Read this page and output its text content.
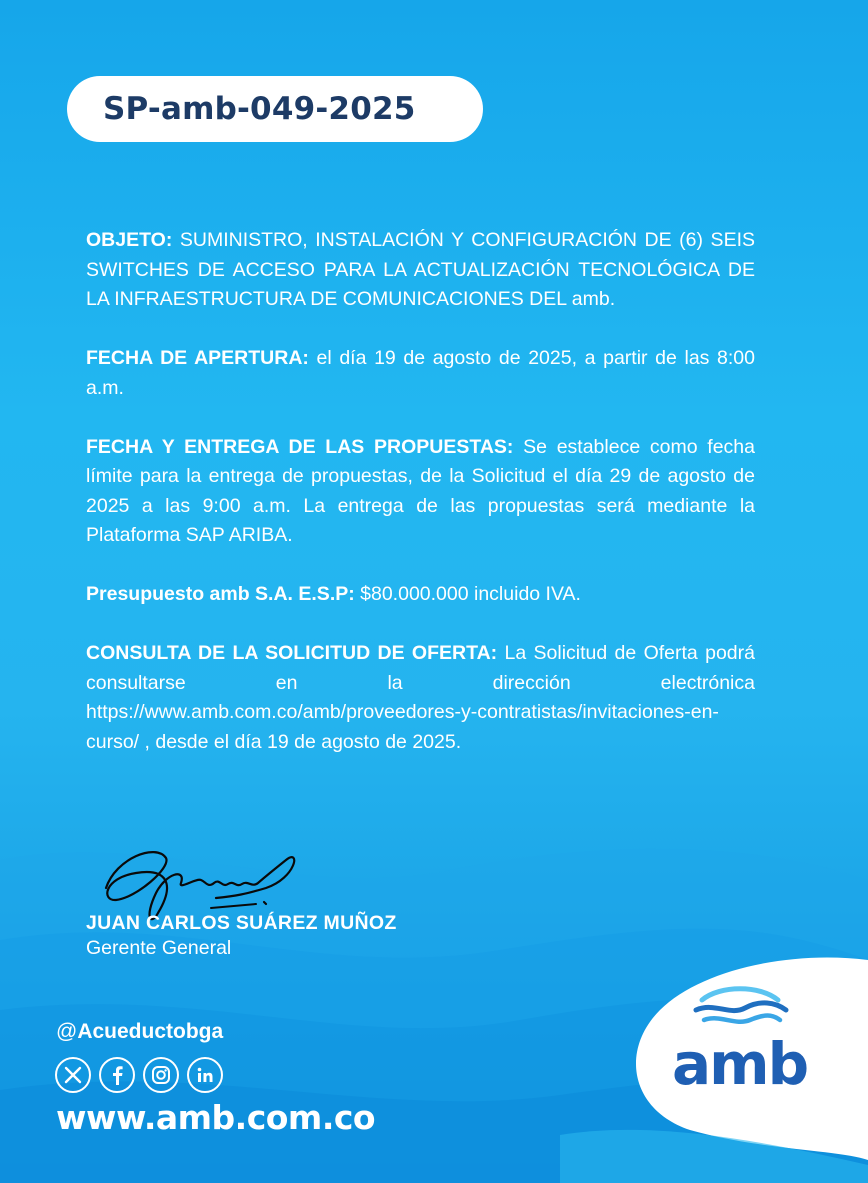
SP-amb-049-2025

OBJETO: SUMINISTRO, INSTALACIÓN Y CONFIGURACIÓN DE (6) SEIS SWITCHES DE ACCESO PARA LA ACTUALIZACIÓN TECNOLÓGICA DE LA INFRAESTRUCTURA DE COMUNICACIONES DEL amb.

FECHA DE APERTURA: el día 19 de agosto de 2025, a partir de las 8:00 a.m.

FECHA Y ENTREGA DE LAS PROPUESTAS: Se establece como fecha límite para la entrega de propuestas, de la Solicitud el día 29 de agosto de 2025 a las 9:00 a.m. La entrega de las propuestas será mediante la Plataforma SAP ARIBA.

Presupuesto amb S.A. E.S.P: $80.000.000 incluido IVA.

CONSULTA DE LA SOLICITUD DE OFERTA: La Solicitud de Oferta podrá consultarse en la dirección electrónica https://www.amb.com.co/amb/proveedores-y-contratistas/invitaciones-en-curso/ , desde el día 19 de agosto de 2025.

JUAN CARLOS SUÁREZ MUÑOZ
Gerente General
@Acueductobga
www.amb.com.co
amb
